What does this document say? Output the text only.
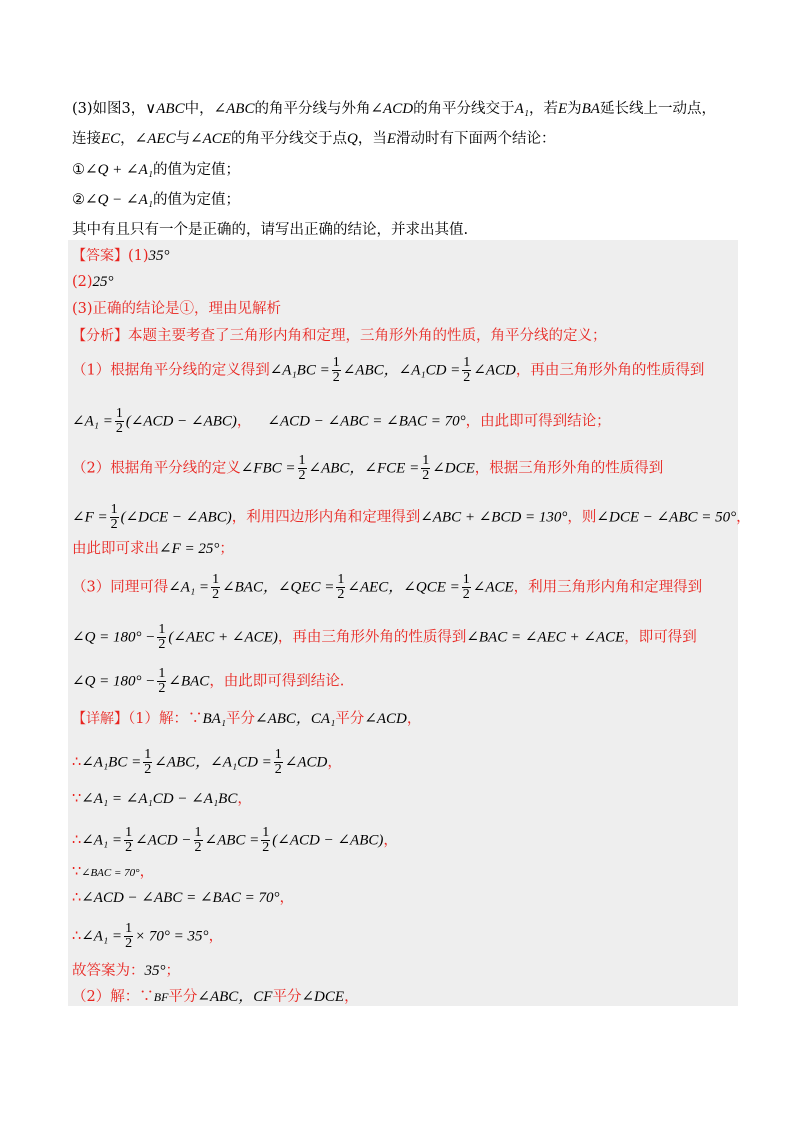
(3)如图3，∨ABC中，∠ABC的角平分线与外角∠ACD的角平分线交于A₁，若E为BA延长线上一动点，
连接EC，∠AEC与∠ACE的角平分线交于点Q，当E滑动时有下面两个结论：
①∠Q + ∠A₁的值为定值；
②∠Q − ∠A₁的值为定值；
其中有且只有一个是正确的，请写出正确的结论，并求出其值.
【答案】(1)35°
(2)25°
(3)正确的结论是①，理由见解析
【分析】本题主要考查了三角形内角和定理，三角形外角的性质，角平分线的定义；
（1）根据角平分线的定义得到∠A₁BC = $\frac{1}{2}$ ∠ABC，∠A₁CD = $\frac{1}{2}$ ∠ACD，再由三角形外角的性质得到
∠A₁ = $\frac{1}{2}$ (∠ACD − ∠ABC)， ∠ACD − ∠ABC = ∠BAC = 70°，由此即可得到结论；
（2）根据角平分线的定义∠FBC = $\frac{1}{2}$ ∠ABC，∠FCE = $\frac{1}{2}$ ∠DCE，根据三角形外角的性质得到
∠F = $\frac{1}{2}$ (∠DCE − ∠ABC)，利用四边形内角和定理得到∠ABC + ∠BCD = 130°，则∠DCE − ∠ABC = 50°，
由此即可求出∠F = 25°；
（3）同理可得∠A₁ = $\frac{1}{2}$ ∠BAC，∠QEC = $\frac{1}{2}$ ∠AEC，∠QCE = $\frac{1}{2}$ ∠ACE，利用三角形内角和定理得到
∠Q = $180^\circ - \frac{1}{2}$ (∠AEC + ∠ACE)，再由三角形外角的性质得到∠BAC = ∠AEC + ∠ACE，即可得到
∠Q = $180^\circ - \frac{1}{2}$ ∠BAC，由此即可得到结论.
【详解】（1）解：∵BA₁平分∠ABC，CA₁平分∠ACD，
∴∠A₁BC = $\frac{1}{2}$ ∠ABC，∠A₁CD = $\frac{1}{2}$ ∠ACD，
∵∠A₁ = ∠A₁CD − ∠A₁BC，
∴∠A₁ = $\frac{1}{2}$ ∠ACD − $\frac{1}{2}$ ∠ABC = $\frac{1}{2}$ (∠ACD − ∠ABC)，
∵∠BAC = 70°，
∴∠ACD − ∠ABC = ∠BAC = 70°，
∴∠A₁ = $\frac{1}{2} \times 70^\circ = 35^\circ$，
故答案为：35°；
（2）解：∵BF平分∠ABC，CF平分∠DCE，
